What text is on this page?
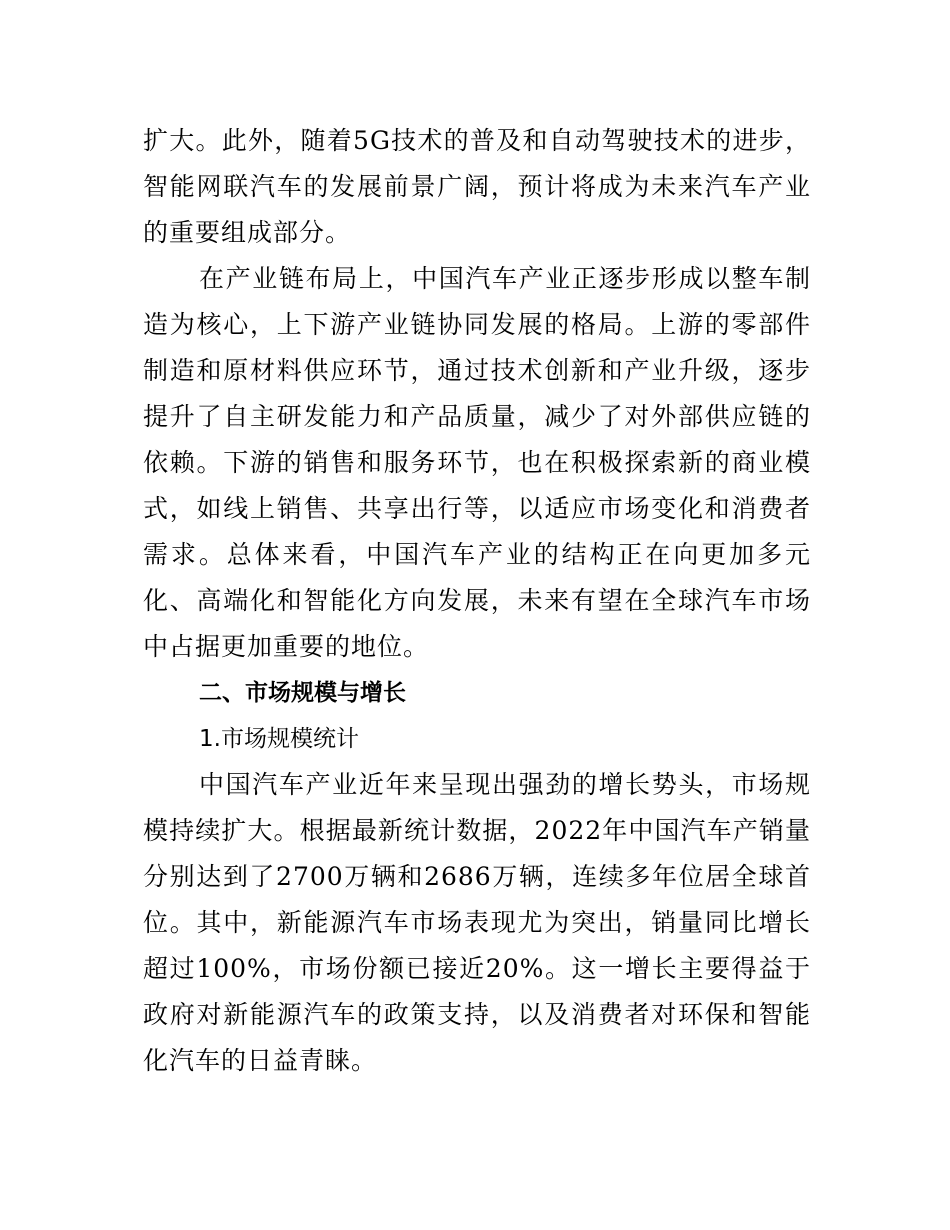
扩大。此外，随着5G技术的普及和自动驾驶技术的进步，智能网联汽车的发展前景广阔，预计将成为未来汽车产业的重要组成部分。

在产业链布局上，中国汽车产业正逐步形成以整车制造为核心，上下游产业链协同发展的格局。上游的零部件制造和原材料供应环节，通过技术创新和产业升级，逐步提升了自主研发能力和产品质量，减少了对外部供应链的依赖。下游的销售和服务环节，也在积极探索新的商业模式，如线上销售、共享出行等，以适应市场变化和消费者需求。总体来看，中国汽车产业的结构正在向更加多元化、高端化和智能化方向发展，未来有望在全球汽车市场中占据更加重要的地位。

二、市场规模与增长
1.市场规模统计

中国汽车产业近年来呈现出强劲的增长势头，市场规模持续扩大。根据最新统计数据，2022年中国汽车产销量分别达到了2700万辆和2686万辆，连续多年位居全球首位。其中，新能源汽车市场表现尤为突出，销量同比增长超过100%，市场份额已接近20%。这一增长主要得益于政府对新能源汽车的政策支持，以及消费者对环保和智能化汽车的日益青睐。
